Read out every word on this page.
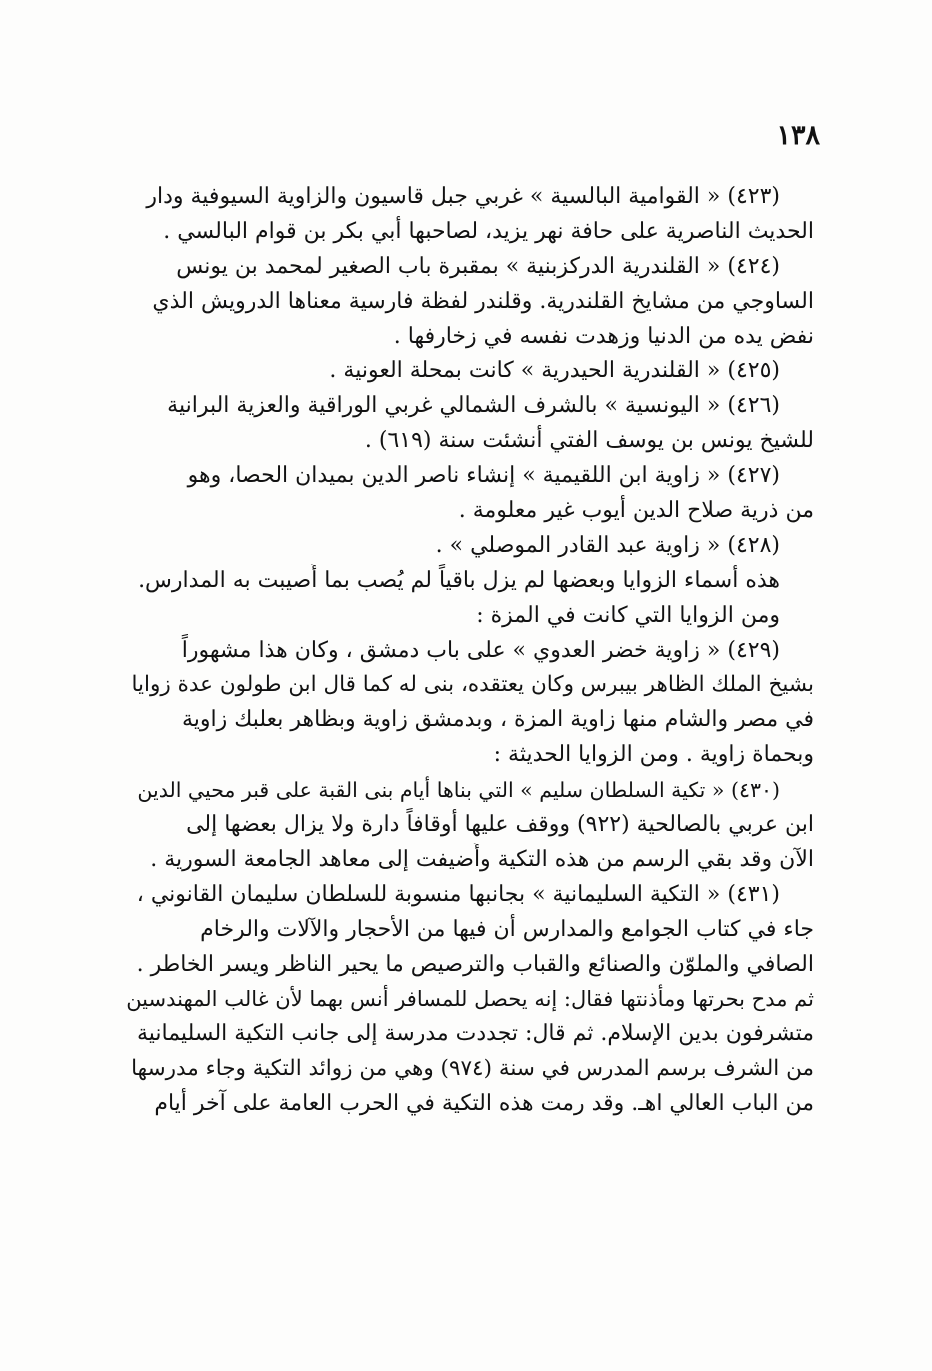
١٣٨
(٤٢٣) « القوامية البالسية » غربي جبل قاسيون والزاوية السيوفية ودار
الحديث الناصرية على حافة نهر يزيد، لصاحبها أبي بكر بن قوام البالسي .
(٤٢٤) « القلندرية الدركزبنية » بمقبرة باب الصغير لمحمد بن يونس
الساوجي من مشايخ القلندرية. وقلندر لفظة فارسية معناها الدرويش الذي
نفض يده من الدنيا وزهدت نفسه في زخارفها .
(٤٢٥) « القلندرية الحيدرية » كانت بمحلة العونية .
(٤٢٦) « اليونسية » بالشرف الشمالي غربي الوراقية والعزية البرانية
للشيخ يونس بن يوسف الفتي أنشئت سنة (٦١٩) .
(٤٢٧) « زاوية ابن اللقيمية » إنشاء ناصر الدين بميدان الحصا، وهو
من ذرية صلاح الدين أيوب غير معلومة .
(٤٢٨) « زاوية عبد القادر الموصلي » .
هذه أسماء الزوايا وبعضها لم يزل باقياً لم يُصب بما أُصيبت به المدارس.
ومن الزوايا التي كانت في المزة :
(٤٢٩) « زاوية خضر العدوي » على باب دمشق ، وكان هذا مشهوراً
بشيخ الملك الظاهر بيبرس وكان يعتقده، بنى له كما قال ابن طولون عدة زوايا
في مصر والشام منها زاوية المزة ، وبدمشق زاوية وبظاهر بعلبك زاوية
وبحماة زاوية . ومن الزوايا الحديثة :
(٤٣٠) « تكية السلطان سليم » التي بناها أيام بنى القبة على قبر محيي الدين
ابن عربي بالصالحية (٩٢٢) ووقف عليها أوقافاً دارة ولا يزال بعضها إلى
الآن وقد بقي الرسم من هذه التكية وأُضيفت إلى معاهد الجامعة السورية .
(٤٣١) « التكية السليمانية » بجانبها منسوبة للسلطان سليمان القانوني ،
جاء في كتاب الجوامع والمدارس أن فيها من الأحجار والآلات والرخام
الصافي والملوّن والصنائع والقباب والترصيص ما يحير الناظر ويسر الخاطر .
ثم مدح بحرتها ومأذنتها فقال: إنه يحصل للمسافر أنس بهما لأن غالب المهندسين
متشرفون بدين الإسلام. ثم قال: تجددت مدرسة إلى جانب التكية السليمانية
من الشرف برسم المدرس في سنة (٩٧٤) وهي من زوائد التكية وجاء مدرسها
من الباب العالي اهـ. وقد رمت هذه التكية في الحرب العامة على آخر أيام
